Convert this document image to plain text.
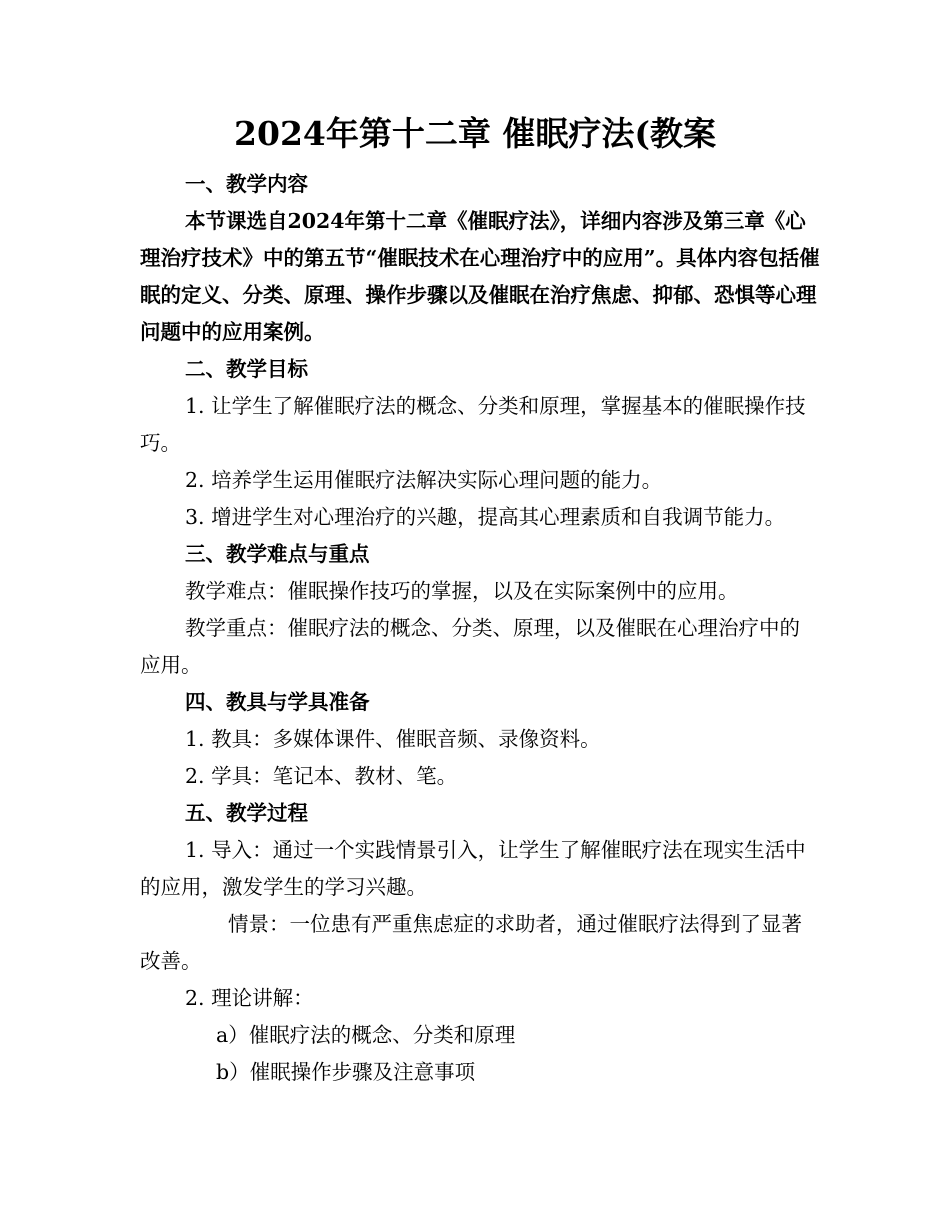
2024年第十二章 催眠疗法(教案

一、教学内容

本节课选自2024年第十二章《催眠疗法》，详细内容涉及第三章《心理治疗技术》中的第五节“催眠技术在心理治疗中的应用”。具体内容包括催眠的定义、分类、原理、操作步骤以及催眠在治疗焦虑、抑郁、恐惧等心理问题中的应用案例。

二、教学目标

1. 让学生了解催眠疗法的概念、分类和原理，掌握基本的催眠操作技巧。

2. 培养学生运用催眠疗法解决实际心理问题的能力。

3. 增进学生对心理治疗的兴趣，提高其心理素质和自我调节能力。

三、教学难点与重点

教学难点：催眠操作技巧的掌握，以及在实际案例中的应用。

教学重点：催眠疗法的概念、分类、原理，以及催眠在心理治疗中的应用。

四、教具与学具准备

1. 教具：多媒体课件、催眠音频、录像资料。

2. 学具：笔记本、教材、笔。

五、教学过程

1. 导入：通过一个实践情景引入，让学生了解催眠疗法在现实生活中的应用，激发学生的学习兴趣。

情景：一位患有严重焦虑症的求助者，通过催眠疗法得到了显著改善。

2. 理论讲解：

a）催眠疗法的概念、分类和原理

b）催眠操作步骤及注意事项
